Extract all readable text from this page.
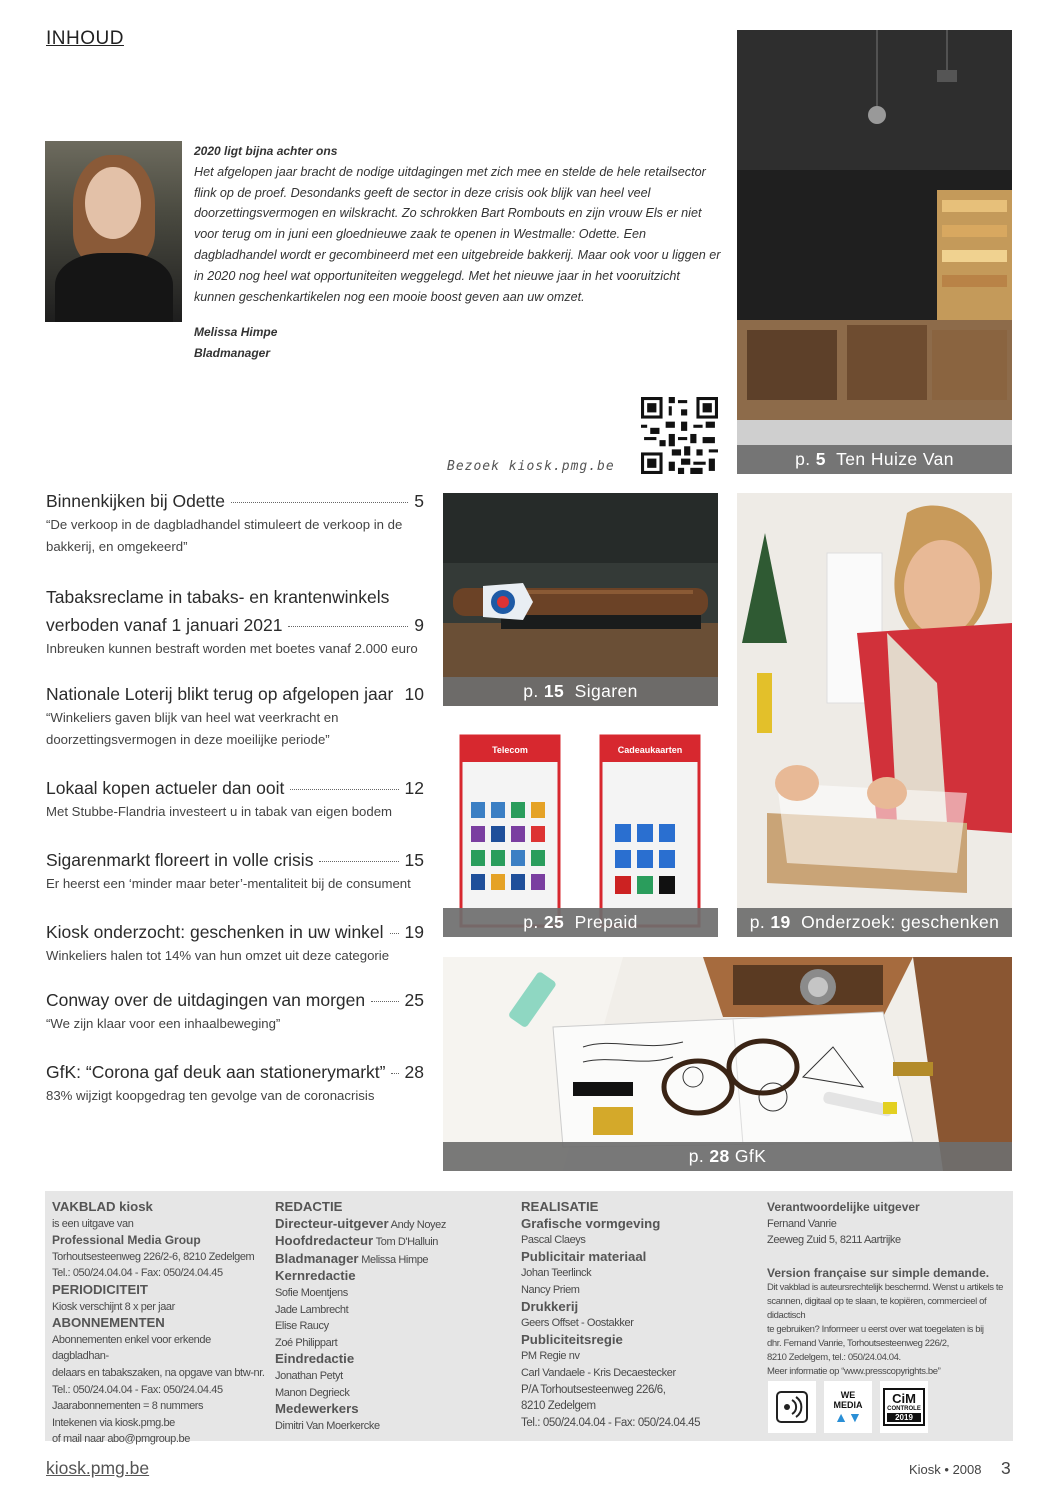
INHOUD
2020 ligt bijna achter ons
Het afgelopen jaar bracht de nodige uitdagingen met zich mee en stelde de hele retailsector flink op de proef. Desondanks geeft de sector in deze crisis ook blijk van heel veel doorzettingsvermogen en wilskracht. Zo schrokken Bart Rombouts en zijn vrouw Els er niet voor terug om in juni een gloednieuwe zaak te openen in Westmalle: Odette. Een dagbladhandel wordt er gecombineerd met een uitgebreide bakkerij. Maar ook voor u liggen er in 2020 nog heel wat opportuniteiten weggelegd. Met het nieuwe jaar in het vooruitzicht kunnen geschenkartikelen nog een mooie boost geven aan uw omzet.
Melissa Himpe
Bladmanager
Bezoek kiosk.pmg.be	p. 5 Ten Huize Van
p. 15 Sigaren
Telecom	Cadeaukaarten
p. 25 Prepaid	p. 19 Onderzoek: geschenken
p. 28 GfK
Binnenkijken bij Odette	5
“De verkoop in de dagbladhandel stimuleert de verkoop in de bakkerij, en omgekeerd”
Tabaksreclame in tabaks- en krantenwinkels
verboden vanaf 1 januari 2021	9
Inbreuken kunnen bestraft worden met boetes vanaf 2.000 euro
Nationale Loterij blikt terug op afgelopen jaar 10
“Winkeliers gaven blijk van heel wat veerkracht en doorzettingsvermogen in deze moeilijke periode”
Lokaal kopen actueler dan ooit	12
Met Stubbe-Flandria investeert u in tabak van eigen bodem
Sigarenmarkt floreert in volle crisis	15
Er heerst een ‘minder maar beter’-mentaliteit bij de consument
Kiosk onderzocht: geschenken in uw winkel 19
Winkeliers halen tot 14% van hun omzet uit deze categorie
Conway over de uitdagingen van morgen 25
“We zijn klaar voor een inhaalbeweging”
GfK: “Corona gaf deuk aan stationerymarkt” 28
83% wijzigt koopgedrag ten gevolge van de coronacrisis
VAKBLAD kiosk
is een uitgave van
Professional Media Group
Torhoutsesteenweg 226/2-6, 8210 Zedelgem
Tel.: 050/24.04.04 - Fax: 050/24.04.45
PERIODICITEIT
Kiosk verschijnt 8 x per jaar
ABONNEMENTEN
Abonnementen enkel voor erkende dagbladhan-
delaars en tabakszaken, na opgave van btw-nr.
Tel.: 050/24.04.04 - Fax: 050/24.04.45
Jaarabonnementen = 8 nummers
Intekenen via kiosk.pmg.be
of mail naar abo@pmgroup.be
REDACTIE
Directeur-uitgever Andy Noyez
Hoofdredacteur Tom D'Halluin
Bladmanager Melissa Himpe
Kernredactie
Sofie Moentjens
Jade Lambrecht
Elise Raucy
Zoé Philippart
Eindredactie
Jonathan Petyt
Manon Degrieck
Medewerkers
Dimitri Van Moerkercke
REALISATIE
Grafische vormgeving
Pascal Claeys
Publicitair materiaal
Johan Teerlinck
Nancy Priem
Drukkerij
Geers Offset - Oostakker
Publiciteitsregie
PM Regie nv
Carl Vandaele - Kris Decaestecker
P/A Torhoutsesteenweg 226/6,
8210 Zedelgem
Tel.: 050/24.04.04 - Fax: 050/24.04.45
Verantwoordelijke uitgever
Fernand Vanrie
Zeeweg Zuid 5, 8211 Aartrijke
Version française sur simple demande.
Dit vakblad is auteursrechtelijk beschermd. Wenst u artikels te
scannen, digitaal op te slaan, te kopiëren, commercieel of didactisch
te gebruiken? Informeer u eerst over wat toegelaten is bij
dhr. Fernand Vanrie, Torhoutsesteenweg 226/2,
8210 Zedelgem, tel.: 050/24.04.04.
Meer informatie op “www.presscopyrights.be”
WE
MEDIA
▲▼
CiM
CONTROLE
2019
kiosk.pmg.be	Kiosk • 2008 3
